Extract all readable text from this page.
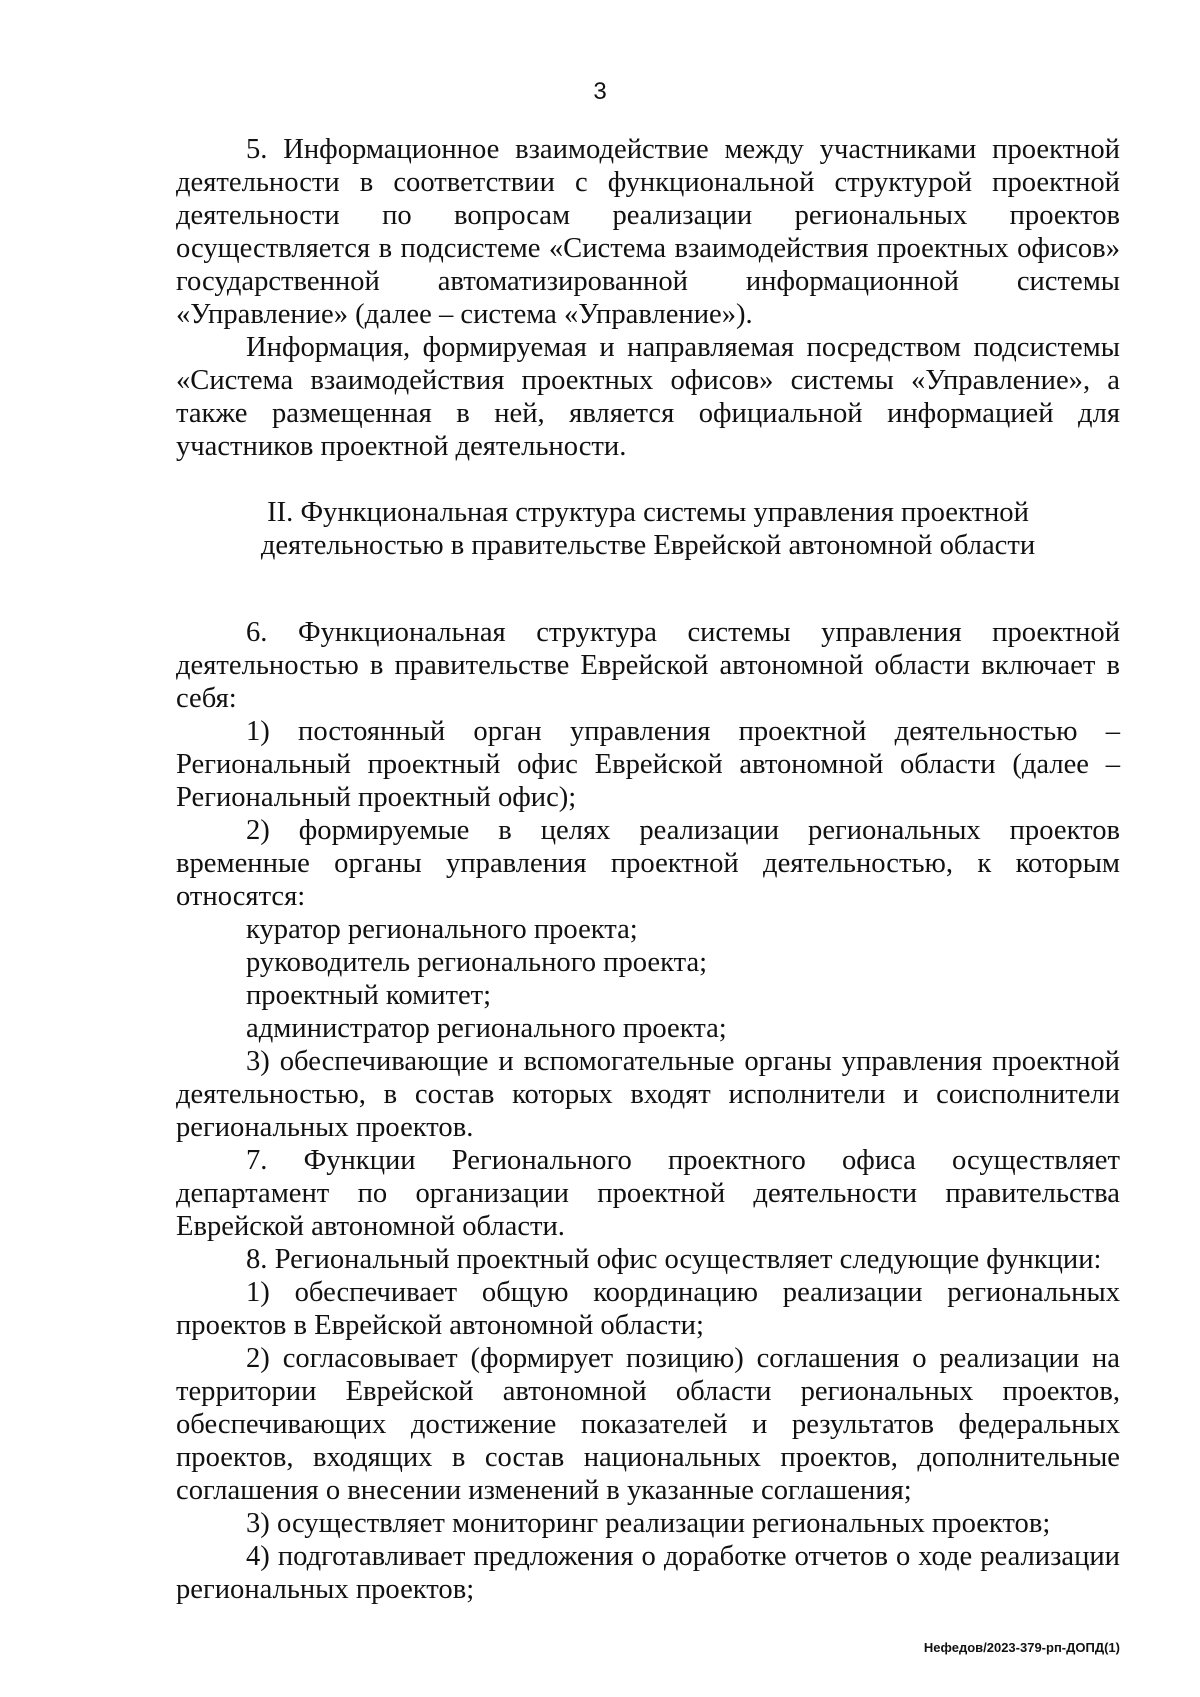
3

5. Информационное взаимодействие между участниками проектной деятельности в соответствии с функциональной структурой проектной деятельности по вопросам реализации региональных проектов осуществляется в подсистеме «Система взаимодействия проектных офисов» государственной автоматизированной информационной системы «Управление» (далее – система «Управление»).

Информация, формируемая и направляемая посредством подсистемы «Система взаимодействия проектных офисов» системы «Управление», а также размещенная в ней, является официальной информацией для участников проектной деятельности.

II. Функциональная структура системы управления проектной
деятельностью в правительстве Еврейской автономной области

6. Функциональная структура системы управления проектной деятельностью в правительстве Еврейской автономной области включает в себя:

1) постоянный орган управления проектной деятельностью – Региональный проектный офис Еврейской автономной области (далее – Региональный проектный офис);

2) формируемые в целях реализации региональных проектов временные органы управления проектной деятельностью, к которым относятся:

куратор регионального проекта;

руководитель регионального проекта;

проектный комитет;

администратор регионального проекта;

3) обеспечивающие и вспомогательные органы управления проектной деятельностью, в состав которых входят исполнители и соисполнители региональных проектов.

7. Функции Регионального проектного офиса осуществляет департамент по организации проектной деятельности правительства Еврейской автономной области.

8. Региональный проектный офис осуществляет следующие функции:

1) обеспечивает общую координацию реализации региональных проектов в Еврейской автономной области;

2) согласовывает (формирует позицию) соглашения о реализации на территории Еврейской автономной области региональных проектов, обеспечивающих достижение показателей и результатов федеральных проектов, входящих в состав национальных проектов, дополнительные соглашения о внесении изменений в указанные соглашения;

3) осуществляет мониторинг реализации региональных проектов;

4) подготавливает предложения о доработке отчетов о ходе реализации региональных проектов;

Нефедов/2023-379-рп-ДОПД(1)
